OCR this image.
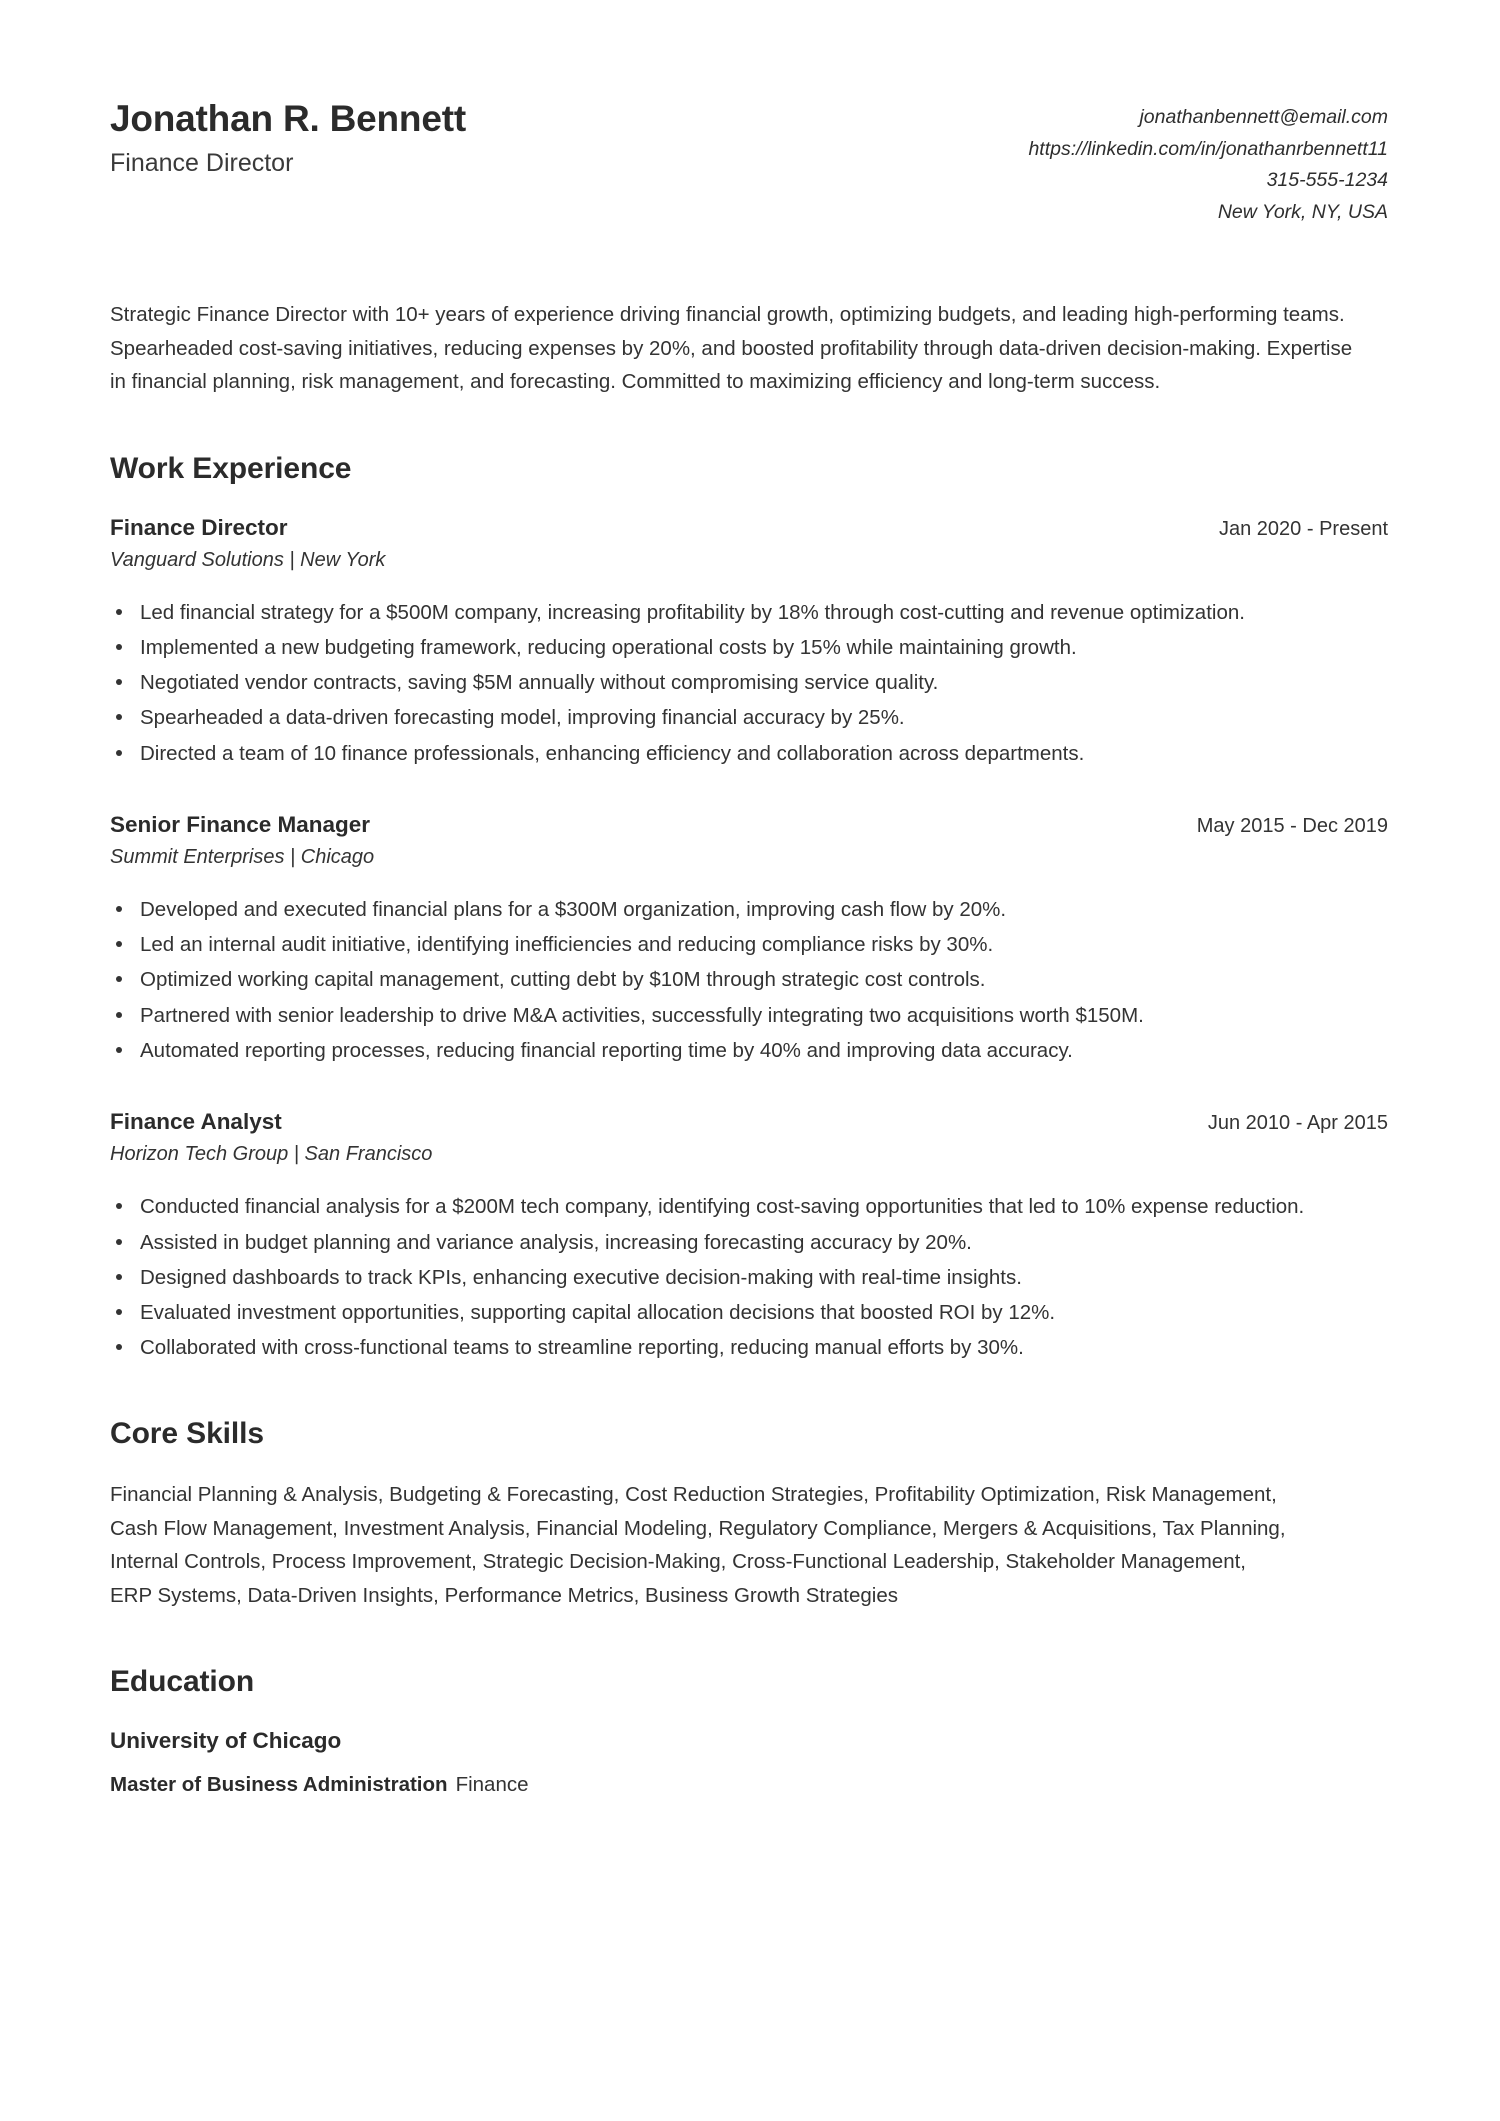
Jonathan R. Bennett
Finance Director
jonathanbennett@email.com
https://linkedin.com/in/jonathanrbennett11
315-555-1234
New York, NY, USA
Strategic Finance Director with 10+ years of experience driving financial growth, optimizing budgets, and leading high-performing teams. Spearheaded cost-saving initiatives, reducing expenses by 20%, and boosted profitability through data-driven decision-making. Expertise in financial planning, risk management, and forecasting. Committed to maximizing efficiency and long-term success.
Work Experience
Finance Director	Jan 2020 - Present
Vanguard Solutions | New York
Led financial strategy for a $500M company, increasing profitability by 18% through cost-cutting and revenue optimization.
Implemented a new budgeting framework, reducing operational costs by 15% while maintaining growth.
Negotiated vendor contracts, saving $5M annually without compromising service quality.
Spearheaded a data-driven forecasting model, improving financial accuracy by 25%.
Directed a team of 10 finance professionals, enhancing efficiency and collaboration across departments.
Senior Finance Manager	May 2015 - Dec 2019
Summit Enterprises | Chicago
Developed and executed financial plans for a $300M organization, improving cash flow by 20%.
Led an internal audit initiative, identifying inefficiencies and reducing compliance risks by 30%.
Optimized working capital management, cutting debt by $10M through strategic cost controls.
Partnered with senior leadership to drive M&A activities, successfully integrating two acquisitions worth $150M.
Automated reporting processes, reducing financial reporting time by 40% and improving data accuracy.
Finance Analyst	Jun 2010 - Apr 2015
Horizon Tech Group | San Francisco
Conducted financial analysis for a $200M tech company, identifying cost-saving opportunities that led to 10% expense reduction.
Assisted in budget planning and variance analysis, increasing forecasting accuracy by 20%.
Designed dashboards to track KPIs, enhancing executive decision-making with real-time insights.
Evaluated investment opportunities, supporting capital allocation decisions that boosted ROI by 12%.
Collaborated with cross-functional teams to streamline reporting, reducing manual efforts by 30%.
Core Skills
Financial Planning & Analysis, Budgeting & Forecasting, Cost Reduction Strategies, Profitability Optimization, Risk Management, Cash Flow Management, Investment Analysis, Financial Modeling, Regulatory Compliance, Mergers & Acquisitions, Tax Planning, Internal Controls, Process Improvement, Strategic Decision-Making, Cross-Functional Leadership, Stakeholder Management, ERP Systems, Data-Driven Insights, Performance Metrics, Business Growth Strategies
Education
University of Chicago
Master of Business Administration Finance
